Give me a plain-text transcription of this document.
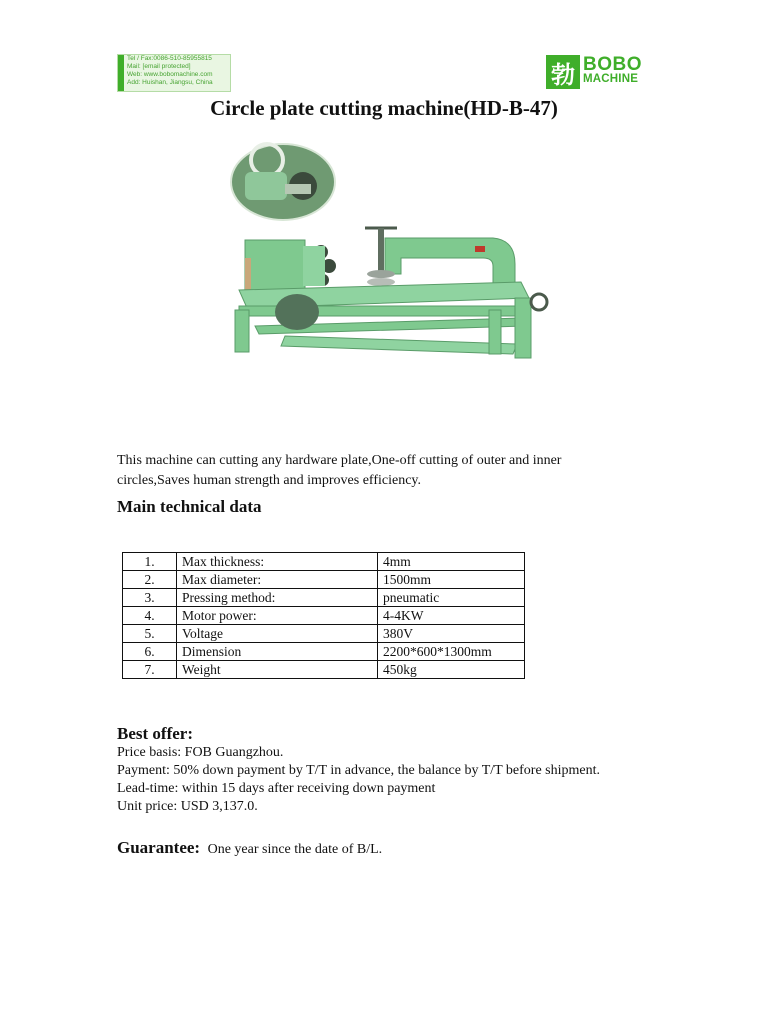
Tel / Fax:0086-510-85955815
Mail: [email protected]
Web: www.bobomachine.com
Add: Huishan, Jiangsu, China	勃 BOBO
MACHINE
Circle plate cutting machine(HD-B-47)

This machine can cutting any hardware plate,One-off cutting of outer and inner
circles,Saves human strength and improves efficiency.

Main technical data
1.	Max thickness:	4mm
2.	Max diameter:	1500mm
3.	Pressing method:	pneumatic
4.	Motor power:	4-4KW
5.	Voltage	380V
6.	Dimension	2200*600*1300mm
7.	Weight	450kg
Best offer:
Price basis: FOB Guangzhou.
Payment: 50% down payment by T/T in advance, the balance by T/T before shipment.
Lead-time: within 15 days after receiving down payment
Unit price: USD 3,137.0.
Guarantee: One year since the date of B/L.
